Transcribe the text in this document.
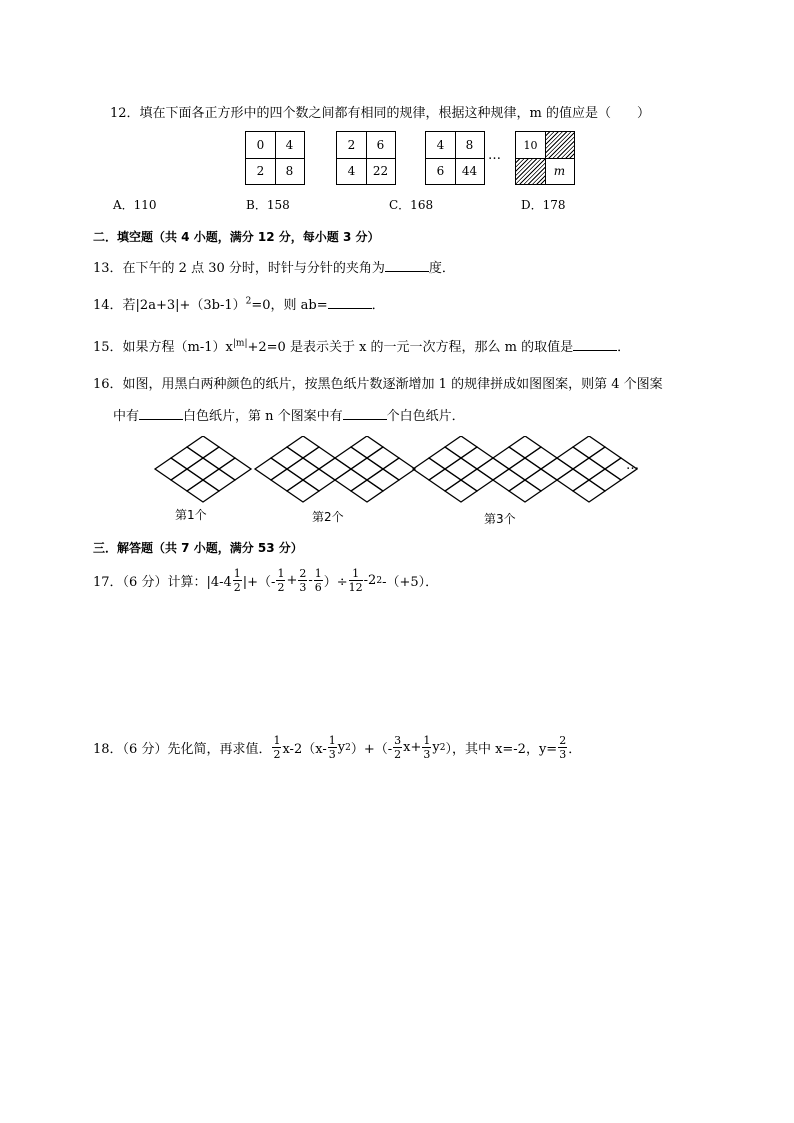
12．填在下面各正方形中的四个数之间都有相同的规律，根据这种规律，m 的值应是（　　）
0	4
2	8
2	6
4	22
4	8
6	44
…
10
m
A．110	B．158	C．168	D．178
二．填空题（共 4 小题，满分 12 分，每小题 3 分）
13．在下午的 2 点 30 分时，时针与分针的夹角为	度．
14．若$|2a+3|+(3b-1)^2=0$，则 ab=	．
15．如果方程$(m-1)x^{|m|}+2=0$ 是表示关于 x 的一元一次方程，那么 m 的取值是	．
16．如图，用黑白两种颜色的纸片，按黑色纸片数逐渐增加 1 的规律拼成如图图案，则第 4 个图案
中有	白色纸片，第 n 个图案中有	个白色纸片．
…
第1个	第2个	第3个
三．解答题（共 7 小题，满分 53 分）
17．（6 分）计算：$|4-4 \frac{1}{2}$ |+（- $\frac{1}{2} + \frac{2}{3} - \frac{1}{6}$ ）÷ $\frac{1}{12} -2$ 2 -（+5）．
18．（6 分）先化简，再求值． $\frac{1}{2} x-2(x- \frac{1}{3}$ y 2 ）+（- $\frac{3}{2} x+ \frac{1}{3}$ y 2 ），其中 x=-2，$y= \frac{2}{3}$ ．
